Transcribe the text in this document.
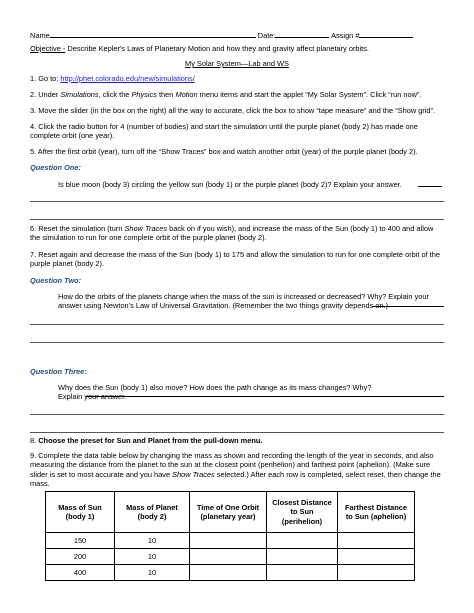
Name	Date:	Assign #
Objective - Describe Kepler's Laws of Planetary Motion and how they and gravity affect planetary orbits.
My Solar System—Lab and WS
1. Go to: http://phet.colorado.edu/new/simulations/
2. Under Simulations, click the Physics then Motion menu items and start the applet “My Solar System”. Click “run now”.
3. Move the slider (in the box on the right) all the way to accurate, click the box to show “tape measure” and the “Show grid”.
4. Click the radio button for 4 (number of bodies) and start the simulation until the purple planet (body 2) has made one complete orbit (one year).
5. After the first orbit (year), turn off the “Show Traces” box and watch another orbit (year) of the purple planet (body 2).
Question One:
Is blue moon (body 3) circling the yellow sun (body 1) or the purple planet (body 2)? Explain your answer.
6. Reset the simulation (turn Show Traces back on if you wish), and increase the mass of the Sun (body 1) to 400 and allow the simulation to run for one complete orbit of the purple planet (body 2).
7. Reset again and decrease the mass of the Sun (body 1) to 175 and allow the simulation to run for one complete orbit of the purple planet (body 2).
Question Two:
How do the orbits of the planets change when the mass of the sun is increased or decreased? Why? Explain your answer using Newton’s Law of Universal Gravitation. (Remember the two things gravity depends on.)
Question Three:
Why does the Sun (body 1) also move? How does the path change as its mass changes? Why? Explain your answer.
8. Choose the preset for Sun and Planet from the pull-down menu.
9. Complete the data table below by changing the mass as shown and recording the length of the year in seconds, and also measuring the distance from the planet to the sun at the closest point (perihelion) and farthest point (aphelion). (Make sure slider is set to most accurate and you have Show Traces selected.) After each row is completed, select reset, then change the mass.
Mass of Sun
(body 1)	Mass of Planet
(body 2)	Time of One Orbit
(planetary year)	Closest Distance
to Sun
(perihelion)	Farthest Distance
to Sun (aphelion)
150	10			
200	10			
400	10			
